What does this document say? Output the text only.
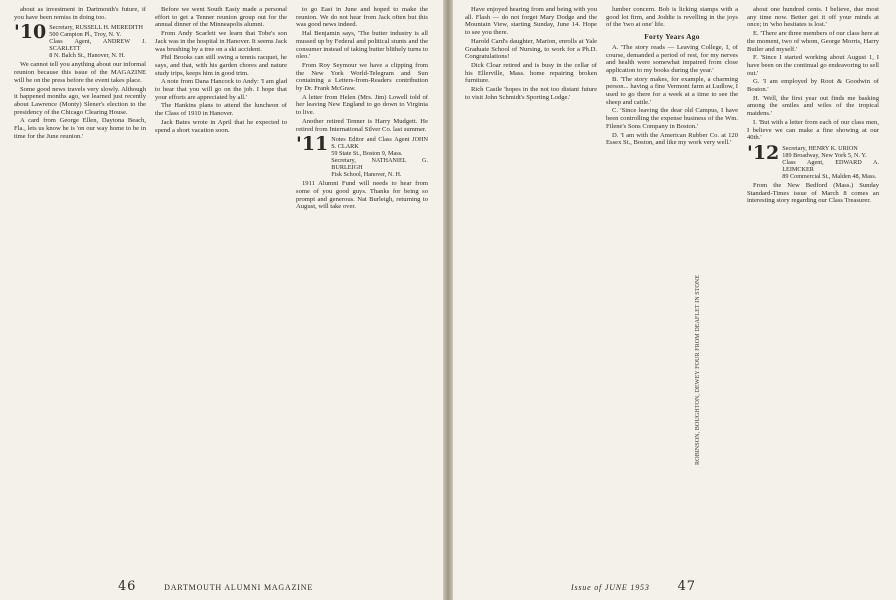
about as investment in Dartmouth's future, if you have been remiss in doing too.

'10 Secretary, RUSSELL H. MEREDITH
500 Campion Pl., Troy, N. Y.
Class Agent, ANDREW J. SCARLETT
8 N. Balch St., Hanover, N. H.

We cannot tell you anything about our informal reunion because this issue of the MAGAZINE will be on the press before the event takes place.

Some good news travels very slowly. Although it happened months ago, we learned just recently about Lawrence (Monty) Slener's election to the presidency of the Chicago Clearing House.

A card from George Ellen, Daytona Beach, Fla., lets us know he is 'on our way home to be in time for the June reunion.'

Before we went South Easty made a personal effort to get a Tenner reunion group out for the annual dinner of the Minneapolis alumni.

From Andy Scarlett we learn that Tobe's son Jack was in the hospital in Hanover. It seems Jack was brushing by a tree on a ski accident.

Phil Brooks can still swing a tennis racquet, he says, and that, with his garden chores and nature study trips, keeps him in good trim.

A note from Dana Hancock to Andy: 'I am glad to hear that you will go on the job. I hope that your efforts are appreciated by all.'

The Hankins plans to attend the luncheon of the Class of 1910 in Hanover.

Jack Bates wrote in April that he expected to spend a short vacation soon.

to go East in June and hoped to make the reunion. We do not hear from Jack often but this was good news indeed.

Hal Benjamin says, 'The butter industry is all mussed up by Federal and political stunts and the consumer instead of taking butter blithely turns to oleo.'

From Roy Seymour we have a clipping from the New York World-Telegram and Sun containing a Letters-from-Readers contribution by Dr. Frank McGraw.

A letter from Helen (Mrs. Jim) Lowell told of her leaving New England to go down to Virginia to live.

Another retired Tenner is Harry Mudgett. He retired from International Silver Co. last summer.

'11 Notes Editor and Class Agent JOHN S. CLARK
59 State St., Boston 9, Mass.
Secretary, NATHANIEL G. BURLEIGH
Fisk School, Hanover, N. H.

1911 Alumni Fund will needs to hear from some of you good guys. Thanks for being so prompt and generous. Nat Burleigh, returning to August, will take over.

46	DARTMOUTH ALUMNI MAGAZINE

Have enjoyed hearing from and being with you all. Flash — do not forget Mary Dodge and the Mountain View, starting Sunday, June 14. Hope to see you there.

Harold Card's daughter, Marion, enrolls at Yale Graduate School of Nursing, to work for a Ph.D. Congratulations!

Dick Cloar retired and is busy in the cellar of his Ellerville, Mass. home repairing broken furniture.

Rich Castle 'hopes in the not too distant future to visit John Schmidt's Sporting Lodge.'

lumber concern. Bob is licking stamps with a good lot firm, and Joddie is revelling in the joys of the 'two at one' life.

Forty Years Ago

A. 'The story reads — Leaving College, I, of course, demanded a period of rest, for my nerves and health were somewhat impaired from close application to my books during the year.'

B. 'The story makes, for example, a charming person... having a fine Vermont farm at Ludlow, I used to go there for a week at a time to see the sheep and cattle.'

C. 'Since leaving the dear old Campus, I have been controlling the expense business of the Wm. Filene's Sons Company in Boston.'

D. 'I am with the American Rubber Co. at 120 Essex St., Boston, and like my work very well.'

about one hundred cents. I believe, due most any time now. Better get it off your minds at once; in 'who hesitates is lost.'

E. 'There are three members of our class here at the moment, two of whom, George Morris, Harry Butler and myself.'

F. 'Since I started working about August 1, I have been on the continual go endeavoring to sell out.'

G. 'I am employed by Root & Goodwin of Boston.'

H. 'Well, the first year out finds me basking among the smiles and wiles of the tropical maidens.'

I. 'But with a letter from each of our class men, I believe we can make a fine showing at our 40th.'

'12 Secretary, HENRY K. URION
189 Broadway, New York 5, N. Y.
Class Agent, EDWARD A. LEIMCKER
89 Commercial St., Malden 48, Mass.

From the New Bedford (Mass.) Sunday Standard-Times issue of March 8 comes an interesting story regarding our Class Treasurer.

ROBINSON, BOUGHTON, DEWEY FOUR FROM DEAFLET IN STONE
Issue of JUNE 1953 47
